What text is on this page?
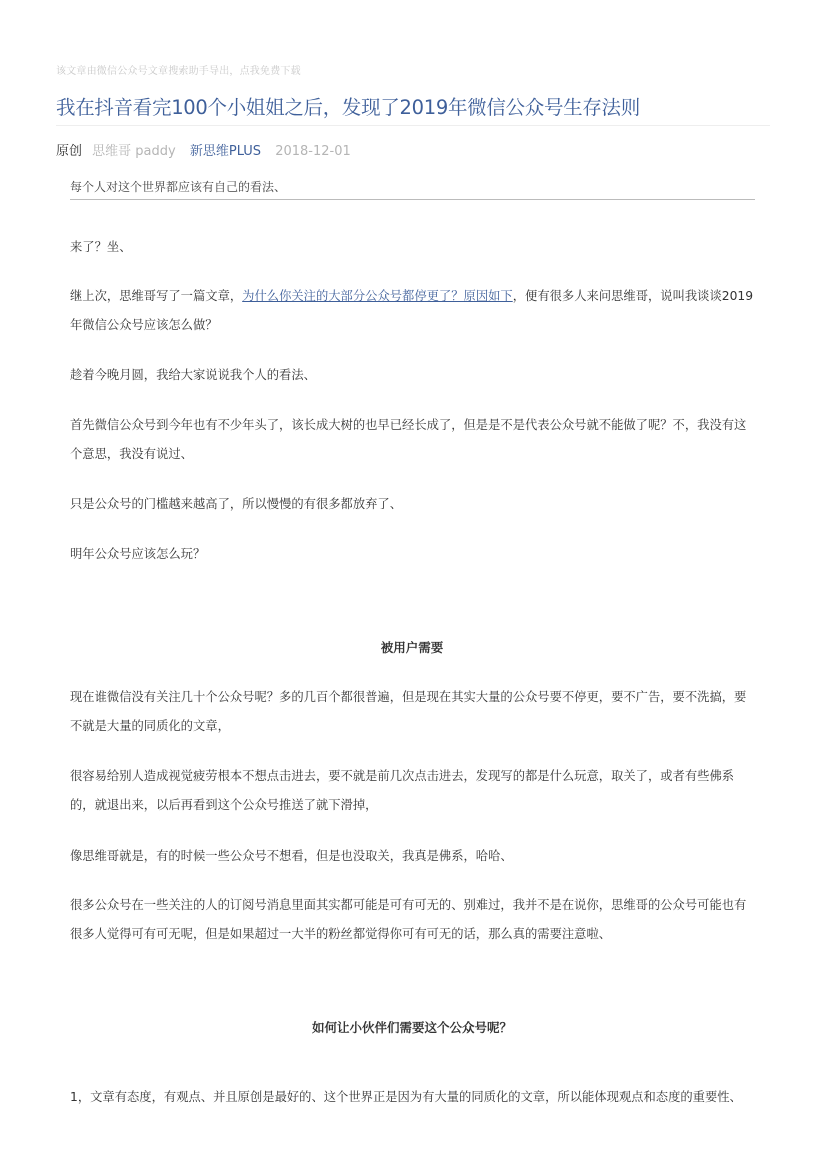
该文章由微信公众号文章搜索助手导出，点我免费下载
我在抖音看完100个小姐姐之后，发现了2019年微信公众号生存法则
原创 思维哥 paddy 新思维PLUS 2018-12-01
每个人对这个世界都应该有自己的看法、
来了？坐、
继上次，思维哥写了一篇文章，为什么你关注的大部分公众号都停更了？原因如下，便有很多人来问思维哥，说叫我谈谈2019年微信公众号应该怎么做？
趁着今晚月圆，我给大家说说我个人的看法、
首先微信公众号到今年也有不少年头了，该长成大树的也早已经长成了，但是是不是代表公众号就不能做了呢？不，我没有这个意思，我没有说过、
只是公众号的门槛越来越高了，所以慢慢的有很多都放弃了、
明年公众号应该怎么玩？
被用户需要
现在谁微信没有关注几十个公众号呢？多的几百个都很普遍，但是现在其实大量的公众号要不停更，要不广告，要不洗搞，要不就是大量的同质化的文章，
很容易给别人造成视觉疲劳根本不想点击进去，要不就是前几次点击进去，发现写的都是什么玩意，取关了，或者有些佛系的，就退出来，以后再看到这个公众号推送了就下滑掉，
像思维哥就是，有的时候一些公众号不想看，但是也没取关，我真是佛系，哈哈、
很多公众号在一些关注的人的订阅号消息里面其实都可能是可有可无的、别难过，我并不是在说你，思维哥的公众号可能也有很多人觉得可有可无呢，但是如果超过一大半的粉丝都觉得你可有可无的话，那么真的需要注意啦、
如何让小伙伴们需要这个公众号呢？
1，文章有态度，有观点、并且原创是最好的、这个世界正是因为有大量的同质化的文章，所以能体现观点和态度的重要性、
